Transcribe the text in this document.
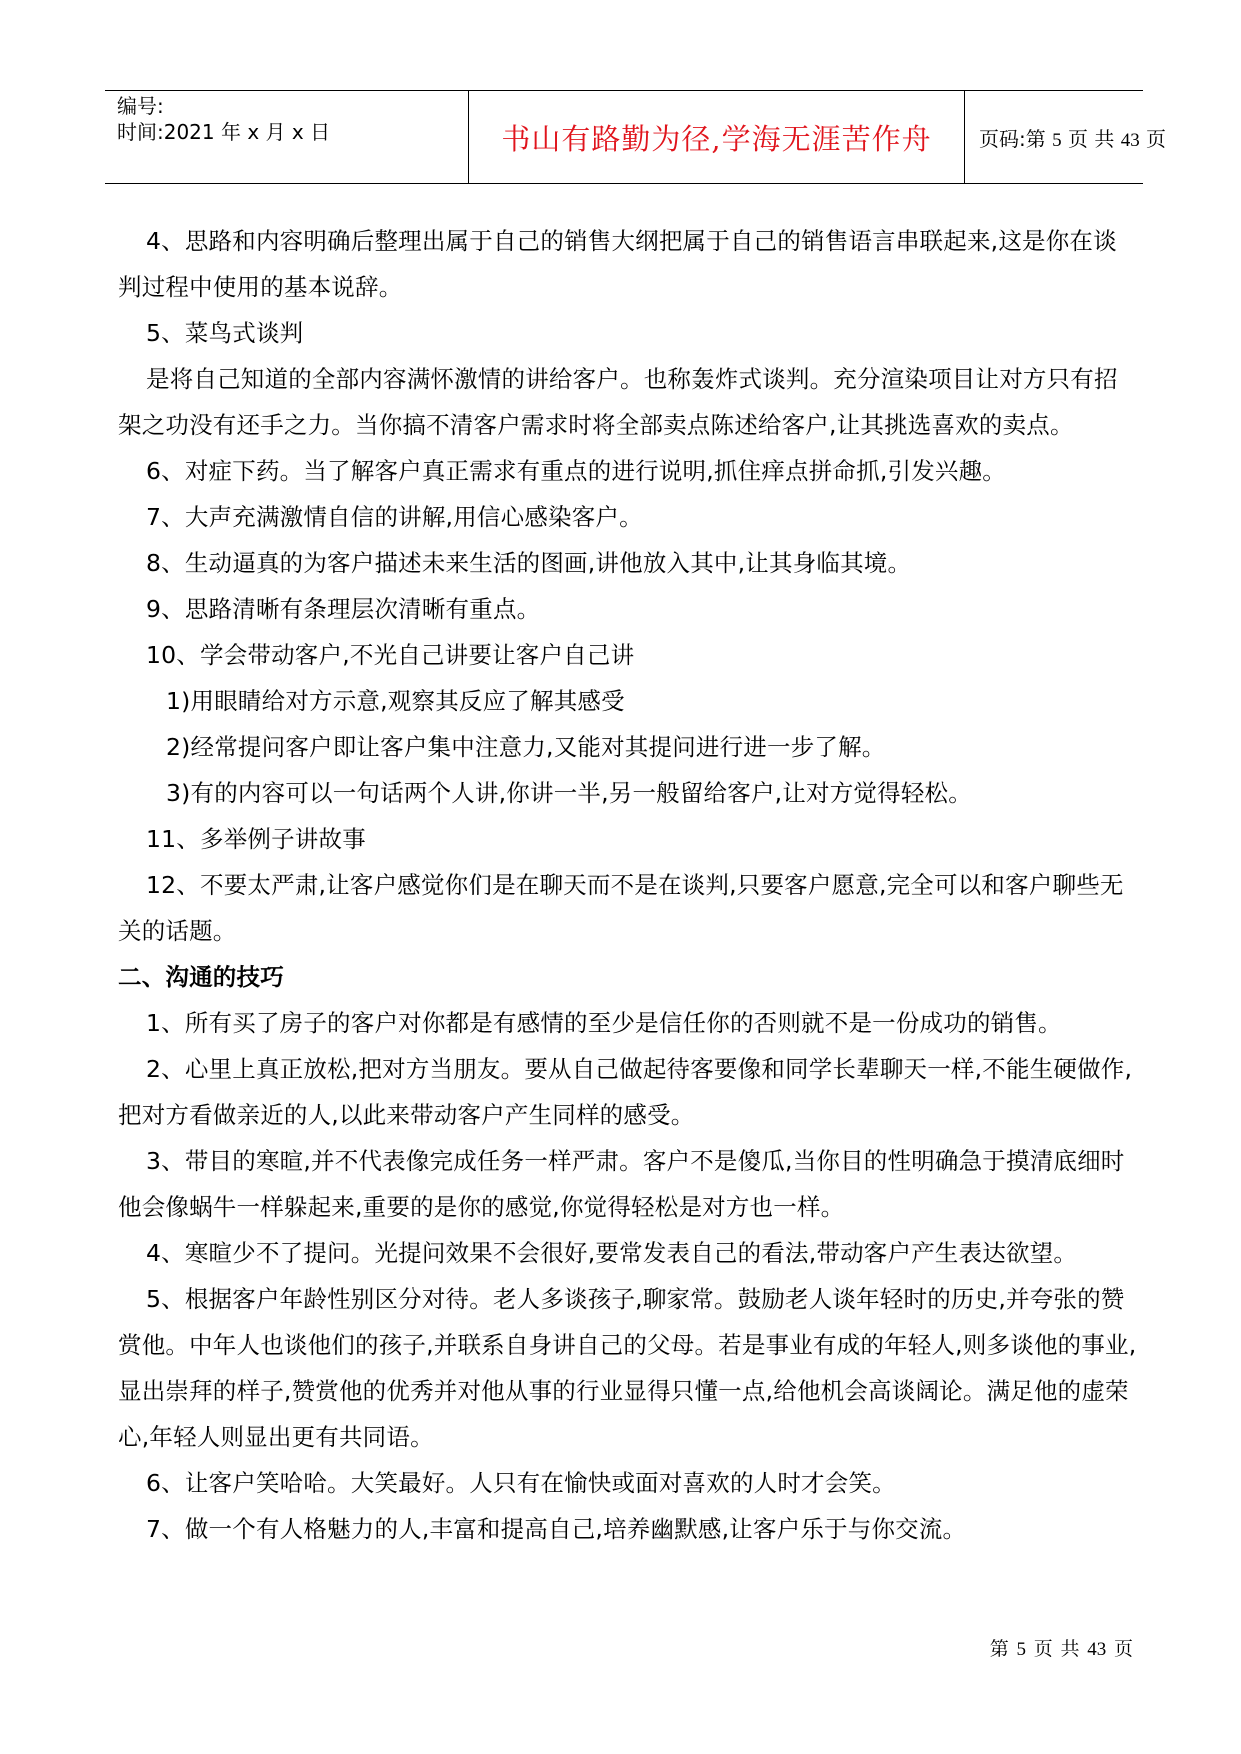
编号:
时间:2021 年 x 月 x 日	书山有路勤为径,学海无涯苦作舟 页码:第 5 页 共 43 页

4、思路和内容明确后整理出属于自己的销售大纲把属于自己的销售语言串联起来,这是你在谈判过程中使用的基本说辞。

5、菜鸟式谈判

是将自己知道的全部内容满怀激情的讲给客户。也称轰炸式谈判。充分渲染项目让对方只有招架之功没有还手之力。当你搞不清客户需求时将全部卖点陈述给客户,让其挑选喜欢的卖点。

6、对症下药。当了解客户真正需求有重点的进行说明,抓住痒点拼命抓,引发兴趣。

7、大声充满激情自信的讲解,用信心感染客户。

8、生动逼真的为客户描述未来生活的图画,讲他放入其中,让其身临其境。

9、思路清晰有条理层次清晰有重点。

10、学会带动客户,不光自己讲要让客户自己讲

1)用眼睛给对方示意,观察其反应了解其感受

2)经常提问客户即让客户集中注意力,又能对其提问进行进一步了解。

3)有的内容可以一句话两个人讲,你讲一半,另一般留给客户,让对方觉得轻松。

11、多举例子讲故事

12、不要太严肃,让客户感觉你们是在聊天而不是在谈判,只要客户愿意,完全可以和客户聊些无关的话题。

二、沟通的技巧

1、所有买了房子的客户对你都是有感情的至少是信任你的否则就不是一份成功的销售。

2、心里上真正放松,把对方当朋友。要从自己做起待客要像和同学长辈聊天一样,不能生硬做作,把对方看做亲近的人,以此来带动客户产生同样的感受。

3、带目的寒暄,并不代表像完成任务一样严肃。客户不是傻瓜,当你目的性明确急于摸清底细时他会像蜗牛一样躲起来,重要的是你的感觉,你觉得轻松是对方也一样。

4、寒暄少不了提问。光提问效果不会很好,要常发表自己的看法,带动客户产生表达欲望。

5、根据客户年龄性别区分对待。老人多谈孩子,聊家常。鼓励老人谈年轻时的历史,并夸张的赞赏他。中年人也谈他们的孩子,并联系自身讲自己的父母。若是事业有成的年轻人,则多谈他的事业,显出崇拜的样子,赞赏他的优秀并对他从事的行业显得只懂一点,给他机会高谈阔论。满足他的虚荣心,年轻人则显出更有共同语。

6、让客户笑哈哈。大笑最好。人只有在愉快或面对喜欢的人时才会笑。

7、做一个有人格魅力的人,丰富和提高自己,培养幽默感,让客户乐于与你交流。

第 5 页 共 43 页
